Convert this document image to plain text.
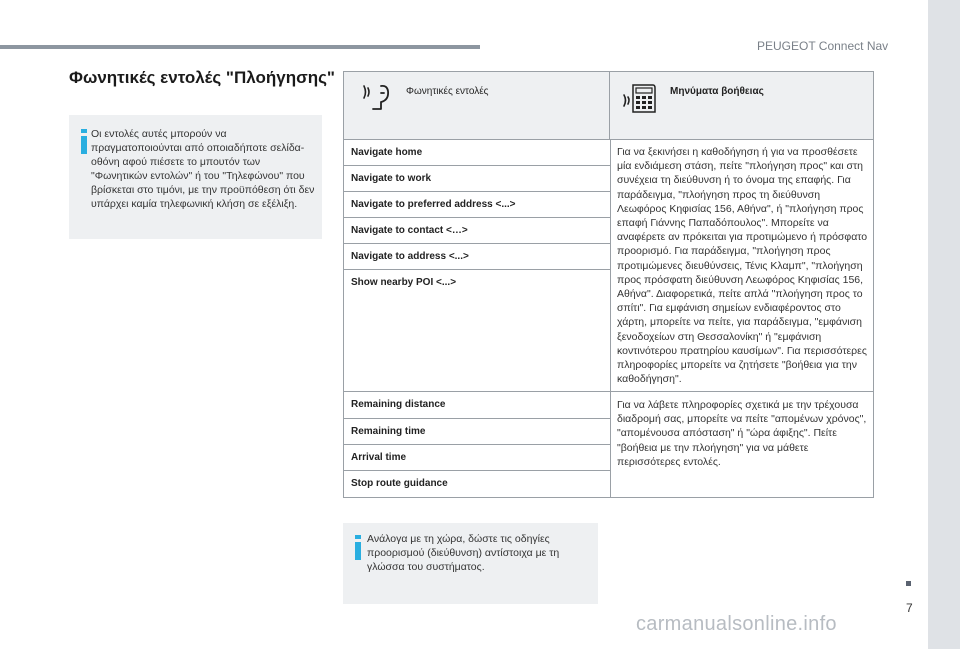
PEUGEOT Connect Nav
7
Φωνητικές εντολές "Πλοήγησης"

Οι εντολές αυτές μπορούν να πραγματοποιούνται από οποιαδήποτε σελίδα-οθόνη αφού πιέσετε το μπουτόν των "Φωνητικών εντολών" ή του "Τηλεφώνου" που βρίσκεται στο τιμόνι, με την προϋπόθεση ότι δεν υπάρχει καμία τηλεφωνική κλήση σε εξέλιξη.

Φωνητικές εντολές	Μηνύματα βοήθειας
Navigate home
Navigate to work
Navigate to preferred address <...>
Navigate to contact <…>
Navigate to address <...>
Show nearby POI <...>
Για να ξεκινήσει η καθοδήγηση ή για να προσθέσετε μία ενδιάμεση στάση, πείτε "πλοήγηση προς" και στη συνέχεια τη διεύθυνση ή το όνομα της επαφής. Για παράδειγμα, "πλοήγηση προς τη διεύθυνση Λεωφόρος Κηφισίας 156, Αθήνα", ή "πλοήγηση προς επαφή Γιάννης Παπαδόπουλος". Μπορείτε να αναφέρετε αν πρόκειται για προτιμώμενο ή πρόσφατο προορισμό. Για παράδειγμα, "πλοήγηση προς προτιμώμενες διευθύνσεις, Τένις Κλαμπ", "πλοήγηση προς πρόσφατη διεύθυνση Λεωφόρος Κηφισίας 156, Αθήνα". Διαφορετικά, πείτε απλά "πλοήγηση προς το σπίτι". Για εμφάνιση σημείων ενδιαφέροντος στο χάρτη, μπορείτε να πείτε, για παράδειγμα, "εμφάνιση ξενοδοχείων στη Θεσσαλονίκη" ή "εμφάνιση κοντινότερου πρατηρίου καυσίμων". Για περισσότερες πληροφορίες μπορείτε να ζητήσετε "βοήθεια για την καθοδήγηση".
Remaining distance
Remaining time
Arrival time
Stop route guidance
Για να λάβετε πληροφορίες σχετικά με την τρέχουσα διαδρομή σας, μπορείτε να πείτε "απομένων χρόνος", "απομένουσα απόσταση" ή "ώρα άφιξης". Πείτε "βοήθεια με την πλοήγηση" για να μάθετε περισσότερες εντολές.

Ανάλογα με τη χώρα, δώστε τις οδηγίες προορισμού (διεύθυνση) αντίστοιχα με τη γλώσσα του συστήματος.

carmanualsonline.info
